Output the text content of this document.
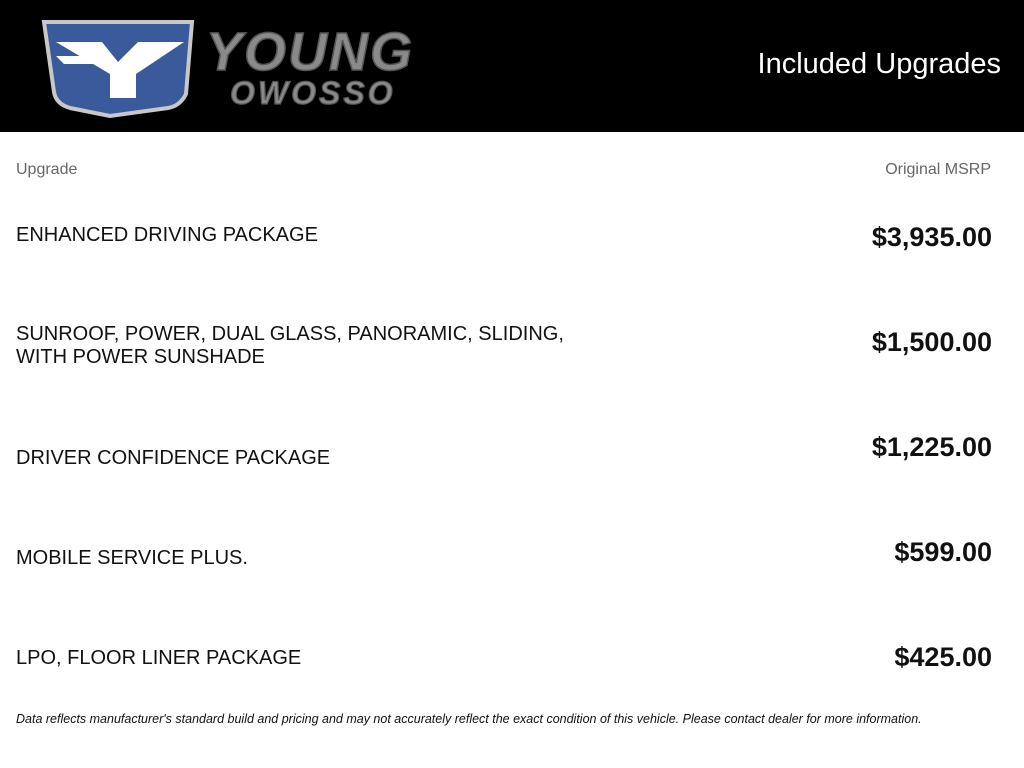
YOUNG
OWOSSO
Included Upgrades
Upgrade	Original MSRP
ENHANCED DRIVING PACKAGE	$3,935.00
SUNROOF, POWER, DUAL GLASS, PANORAMIC, SLIDING,
WITH POWER SUNSHADE	$1,500.00
DRIVER CONFIDENCE PACKAGE	$1,225.00
MOBILE SERVICE PLUS.	$599.00
LPO, FLOOR LINER PACKAGE	$425.00
Data reflects manufacturer's standard build and pricing and may not accurately reflect the exact condition of this vehicle. Please contact dealer for more information.
